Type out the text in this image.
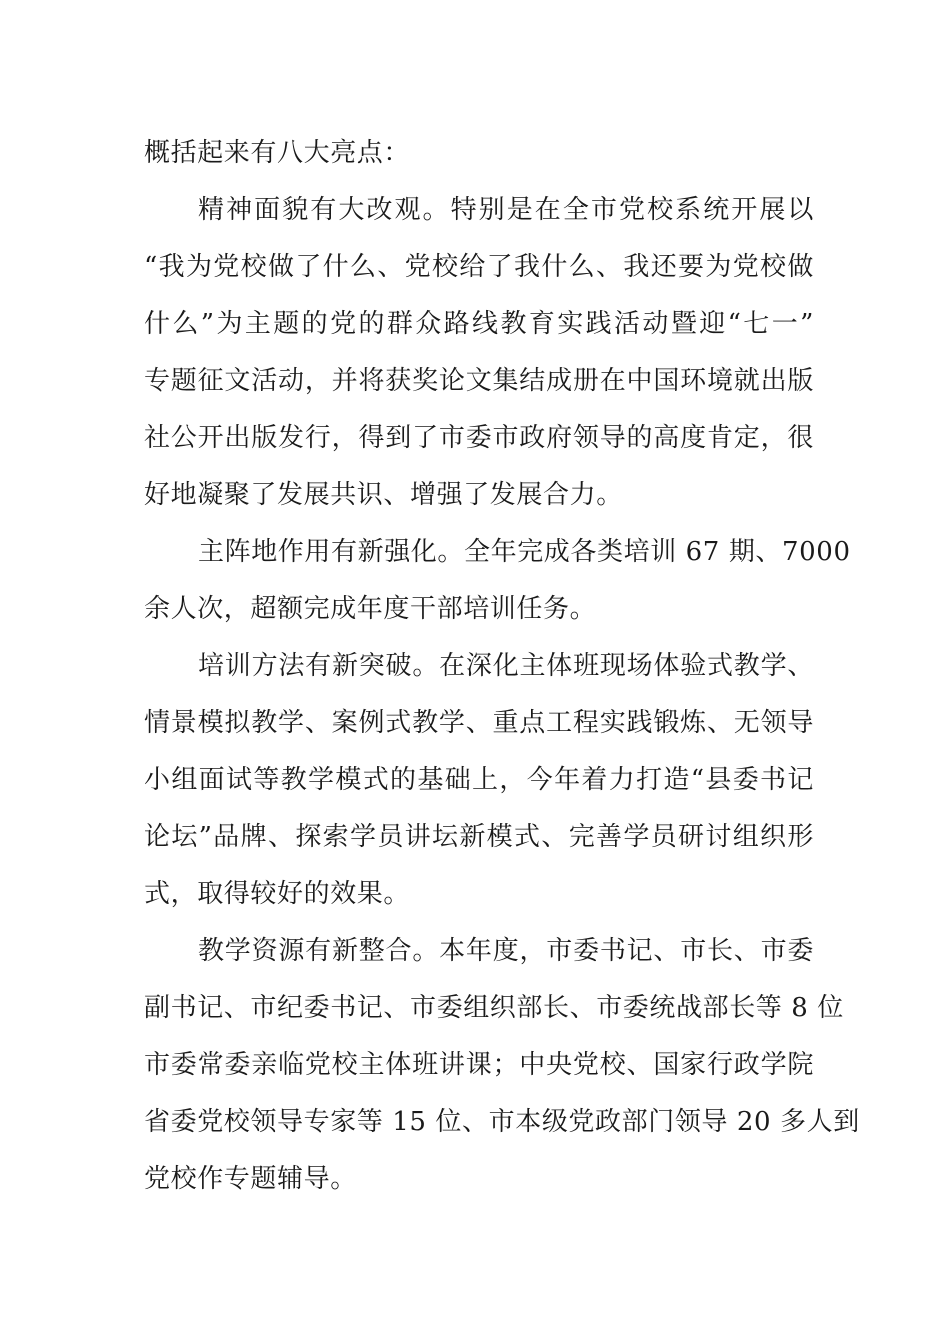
概括起来有八大亮点：
精神面貌有大改观。特别是在全市党校系统开展以
“我为党校做了什么、党校给了我什么、我还要为党校做
什么”为主题的党的群众路线教育实践活动暨迎“七一”
专题征文活动，并将获奖论文集结成册在中国环境就出版
社公开出版发行，得到了市委市政府领导的高度肯定，很
好地凝聚了发展共识、增强了发展合力。
主阵地作用有新强化。全年完成各类培训 67 期、7000
余人次，超额完成年度干部培训任务。
培训方法有新突破。在深化主体班现场体验式教学、
情景模拟教学、案例式教学、重点工程实践锻炼、无领导
小组面试等教学模式的基础上，今年着力打造“县委书记
论坛”品牌、探索学员讲坛新模式、完善学员研讨组织形
式，取得较好的效果。
教学资源有新整合。本年度，市委书记、市长、市委
副书记、市纪委书记、市委组织部长、市委统战部长等 8 位
市委常委亲临党校主体班讲课；中央党校、国家行政学院
省委党校领导专家等 15 位、市本级党政部门领导 20 多人到
党校作专题辅导。
